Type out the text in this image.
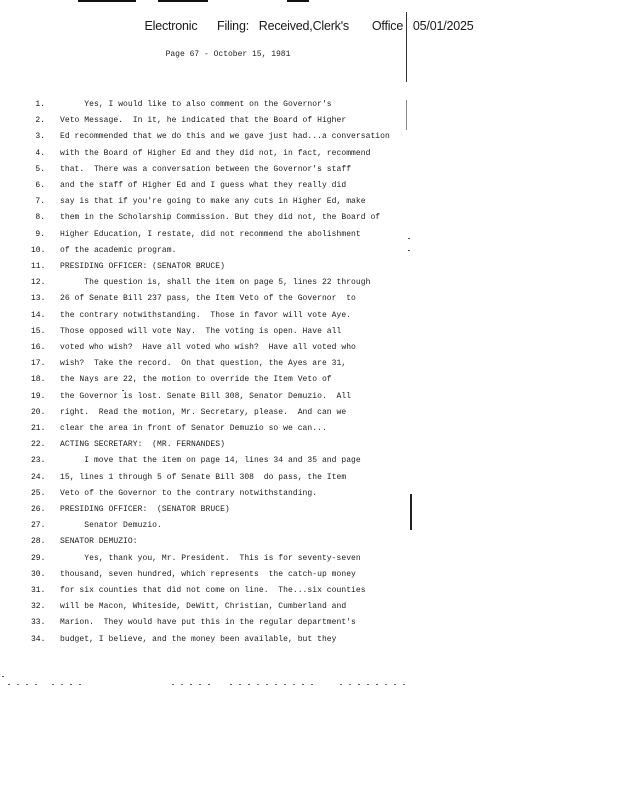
Electronic      Filing:   Received,Clerk's       Office   05/01/2025
Page 67 - October 15, 1981
1. Yes, I would like to also comment on the Governor's
2. Veto Message.  In it, he indicated that the Board of Higher
3. Ed recommended that we do this and we gave just had...a conversation
4. with the Board of Higher Ed and they did not, in fact, recommend
5. that.  There was a conversation between the Governor's staff
6. and the staff of Higher Ed and I guess what they really did
7. say is that if you're going to make any cuts in Higher Ed, make
8. them in the Scholarship Commission. But they did not, the Board of
9. Higher Education, I restate, did not recommend the abolishment
10. of the academic program.
11. PRESIDING OFFICER: (SENATOR BRUCE)
12. The question is, shall the item on page 5, lines 22 through
13. 26 of Senate Bill 237 pass, the Item Veto of the Governor  to
14. the contrary notwithstanding.  Those in favor will vote Aye.
15. Those opposed will vote Nay.  The voting is open. Have all
16. voted who wish?  Have all voted who wish?  Have all voted who
17. wish?  Take the record.  On that question, the Ayes are 31,
18. the Nays are 22, the motion to override the Item Veto of
19. the Governor is lost. Senate Bill 308, Senator Demuzio.  All
20. right.  Read the motion, Mr. Secretary, please.  And can we
21. clear the area in front of Senator Demuzio so we can...
22. ACTING SECRETARY:  (MR. FERNANDES)
23. I move that the item on page 14, lines 34 and 35 and page
24. 15, lines 1 through 5 of Senate Bill 308  do pass, the Item
25. Veto of the Governor to the contrary notwithstanding.
26. PRESIDING OFFICER:  (SENATOR BRUCE)
27. Senator Demuzio.
28. SENATOR DEMUZIO:
29. Yes, thank you, Mr. President.  This is for seventy-seven
30. thousand, seven hundred, which represents  the catch-up money
31. for six counties that did not come on line.  The...six counties
32. will be Macon, Whiteside, DeWitt, Christian, Cumberland and
33. Marion.  They would have put this in the regular department's
34. budget, I believe, and the money been available, but they
